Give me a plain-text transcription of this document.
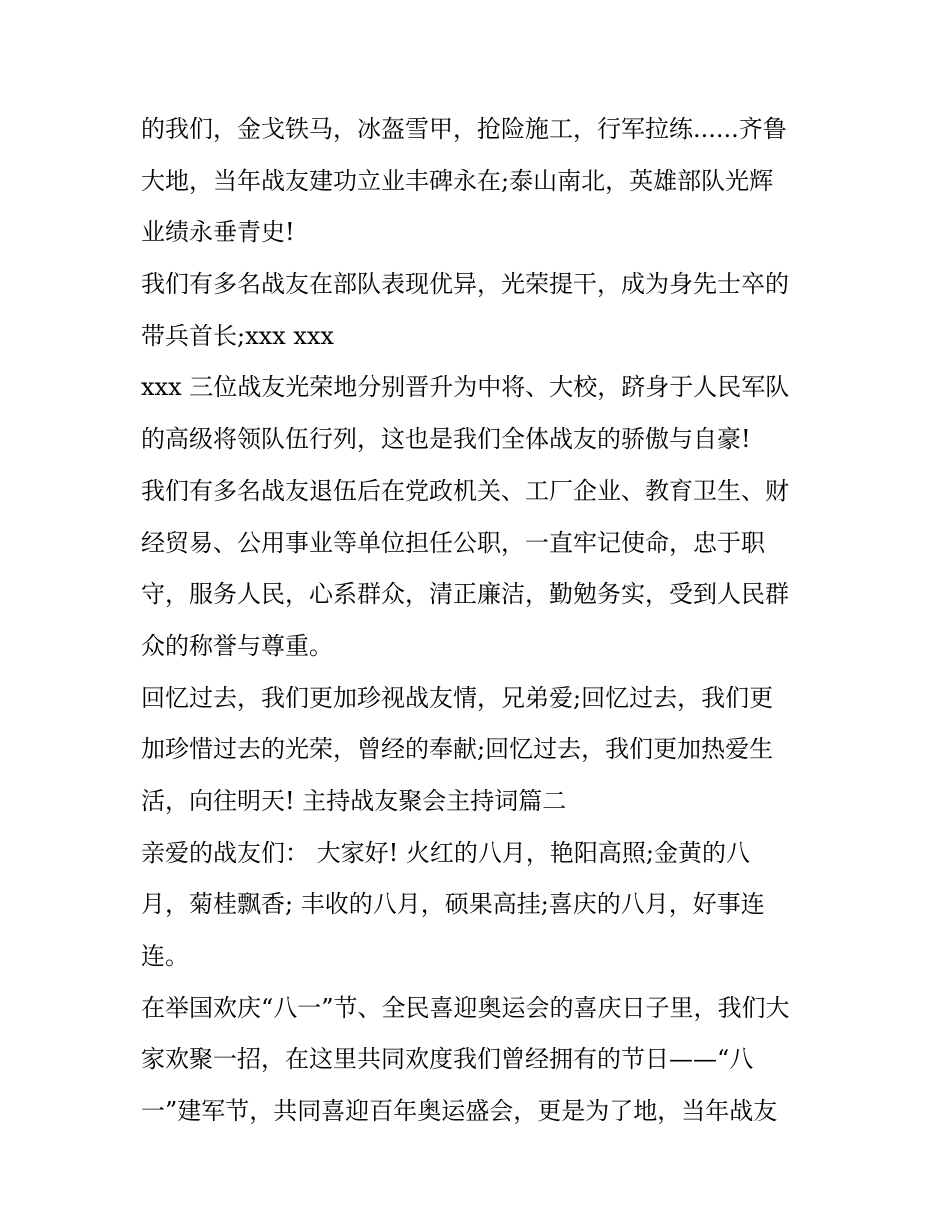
的我们，金戈铁马，冰盔雪甲，抢险施工，行军拉练......齐鲁
大地，当年战友建功立业丰碑永在;泰山南北，英雄部队光辉
业绩永垂青史!
我们有多名战友在部队表现优异，光荣提干，成为身先士卒的
带兵首长;xxx xxx
xxx 三位战友光荣地分别晋升为中将、大校，跻身于人民军队
的高级将领队伍行列，这也是我们全体战友的骄傲与自豪!
我们有多名战友退伍后在党政机关、工厂企业、教育卫生、财
经贸易、公用事业等单位担任公职，一直牢记使命，忠于职
守，服务人民，心系群众，清正廉洁，勤勉务实，受到人民群
众的称誉与尊重。
回忆过去，我们更加珍视战友情，兄弟爱;回忆过去，我们更
加珍惜过去的光荣，曾经的奉献;回忆过去，我们更加热爱生
活，向往明天! 主持战友聚会主持词篇二
亲爱的战友们： 大家好! 火红的八月，艳阳高照;金黄的八
月，菊桂飘香; 丰收的八月，硕果高挂;喜庆的八月，好事连
连。
在举国欢庆“八一”节、全民喜迎奥运会的喜庆日子里，我们大
家欢聚一招，在这里共同欢度我们曾经拥有的节日——“八
一”建军节，共同喜迎百年奥运盛会，更是为了地，当年战友
